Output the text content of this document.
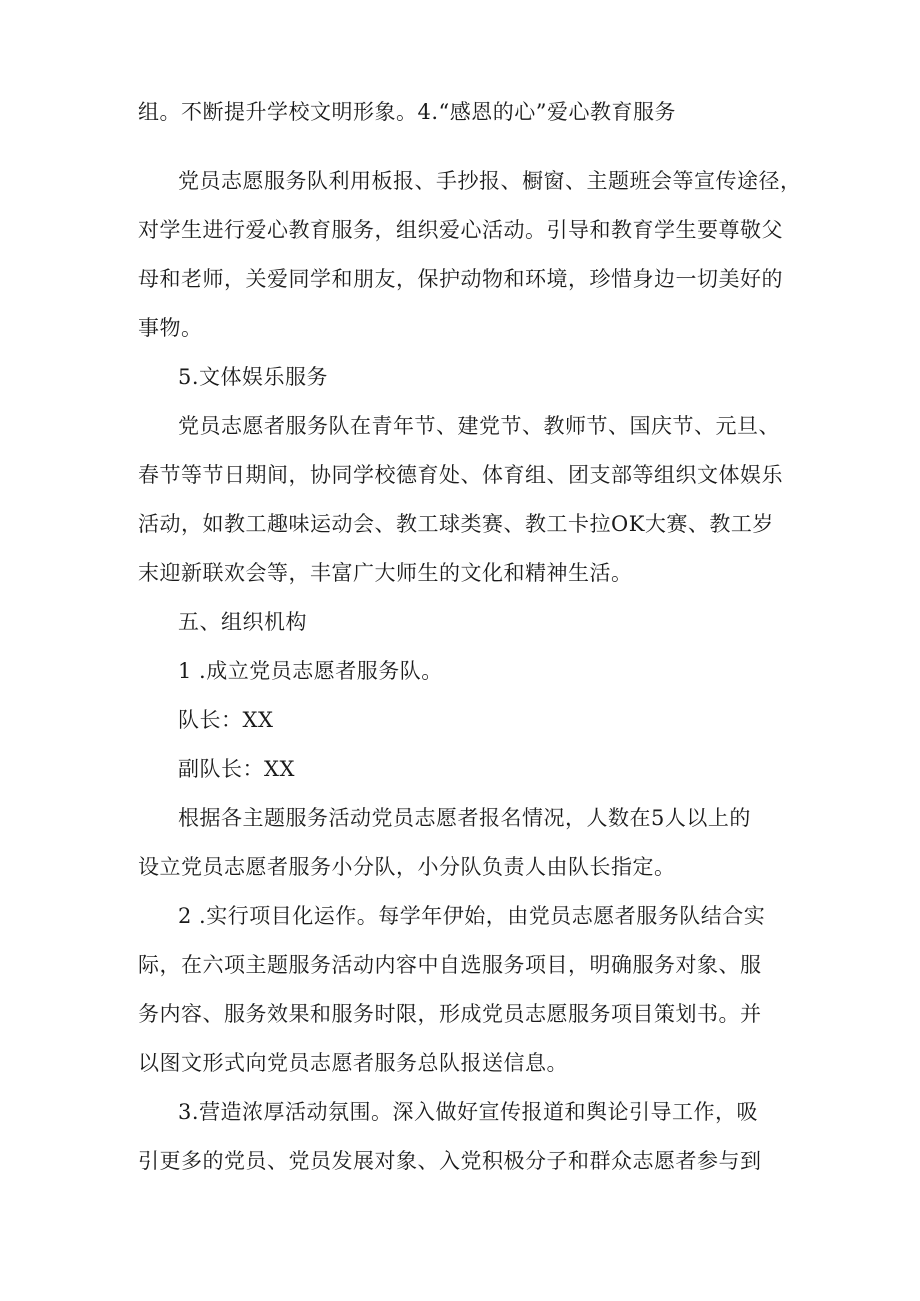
组。不断提升学校文明形象。4.“感恩的心”爱心教育服务
党员志愿服务队利用板报、手抄报、橱窗、主题班会等宣传途径，
对学生进行爱心教育服务，组织爱心活动。引导和教育学生要尊敬父
母和老师，关爱同学和朋友，保护动物和环境，珍惜身边一切美好的
事物。
5.文体娱乐服务
党员志愿者服务队在青年节、建党节、教师节、国庆节、元旦、
春节等节日期间，协同学校德育处、体育组、团支部等组织文体娱乐
活动，如教工趣味运动会、教工球类赛、教工卡拉OK大赛、教工岁
末迎新联欢会等，丰富广大师生的文化和精神生活。
五、组织机构
1 .成立党员志愿者服务队。
队长：XX
副队长：XX
根据各主题服务活动党员志愿者报名情况，人数在5人以上的
设立党员志愿者服务小分队，小分队负责人由队长指定。
2 .实行项目化运作。每学年伊始，由党员志愿者服务队结合实
际，在六项主题服务活动内容中自选服务项目，明确服务对象、服
务内容、服务效果和服务时限，形成党员志愿服务项目策划书。并
以图文形式向党员志愿者服务总队报送信息。
3.营造浓厚活动氛围。深入做好宣传报道和舆论引导工作，吸
引更多的党员、党员发展对象、入党积极分子和群众志愿者参与到
